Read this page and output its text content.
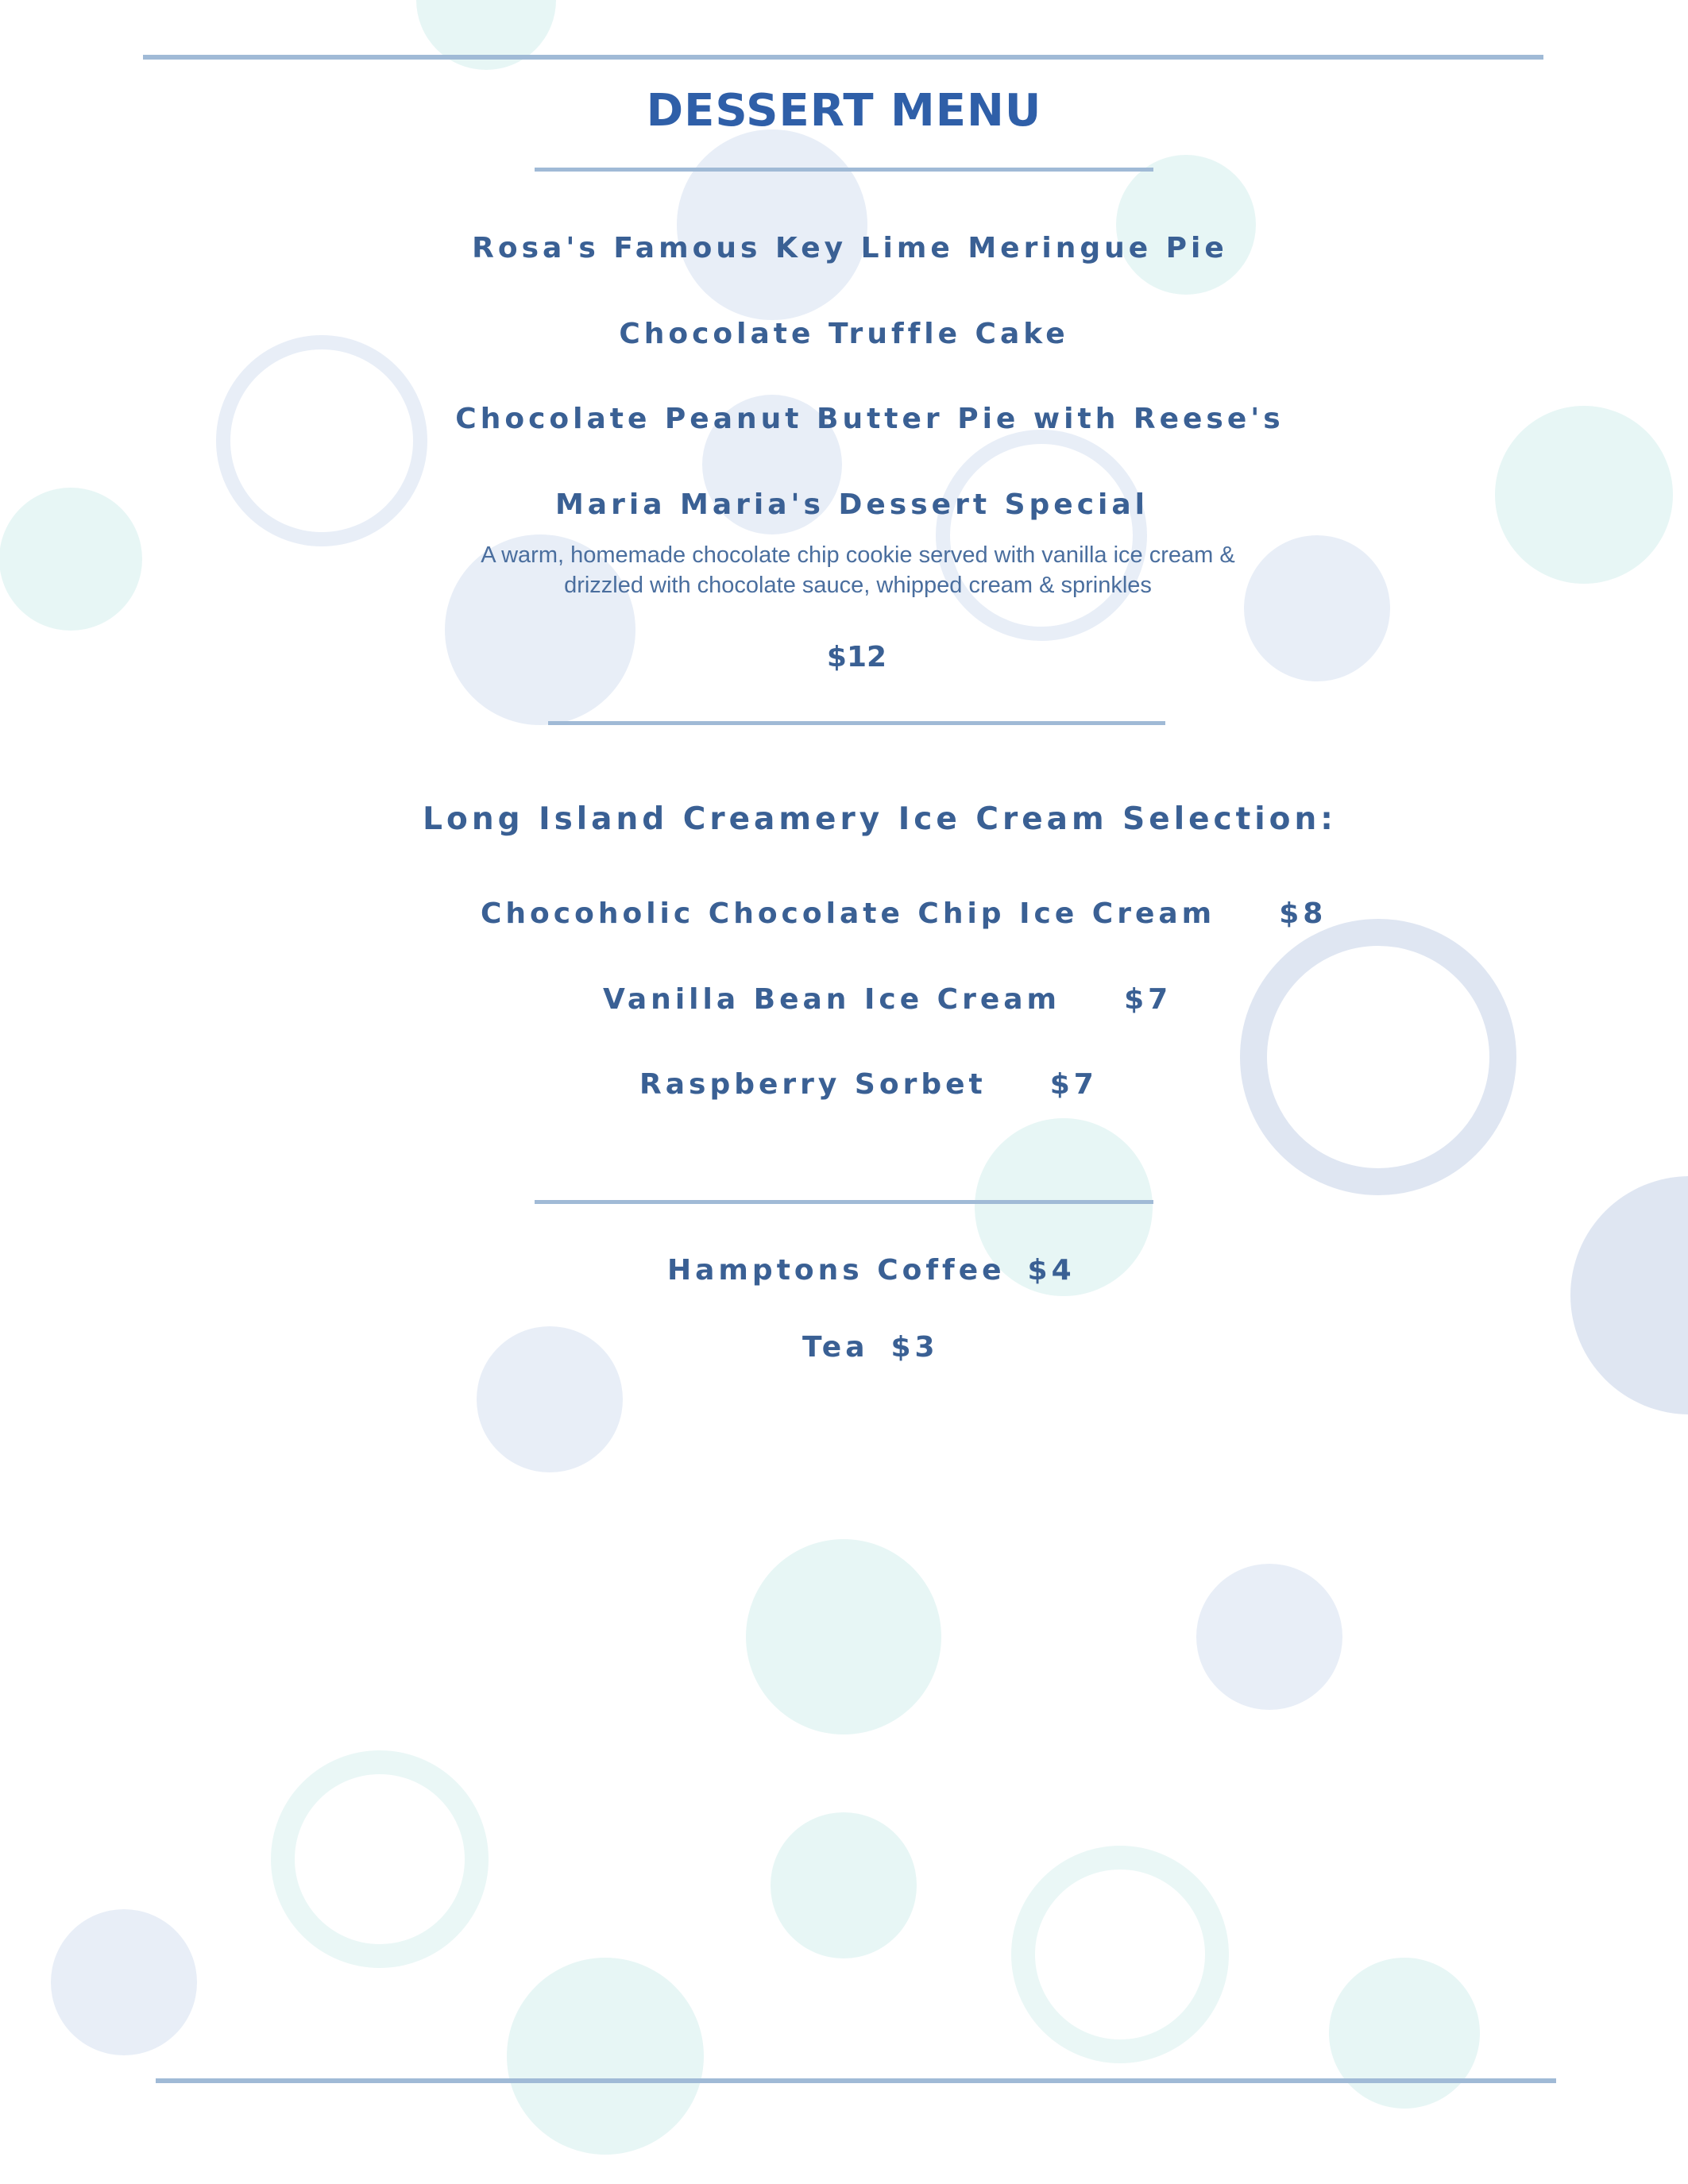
DESSERT MENU
Rosa's Famous Key Lime Meringue Pie
Chocolate Truffle Cake
Chocolate Peanut Butter Pie with Reese's
Maria Maria's Dessert Special
A warm, homemade chocolate chip cookie served with vanilla ice cream & drizzled with chocolate sauce, whipped cream & sprinkles
$12
Long Island Creamery Ice Cream Selection:
Chocoholic Chocolate Chip Ice Cream $8
Vanilla Bean Ice Cream $7
Raspberry Sorbet $7
Hamptons Coffee $4
Tea $3
